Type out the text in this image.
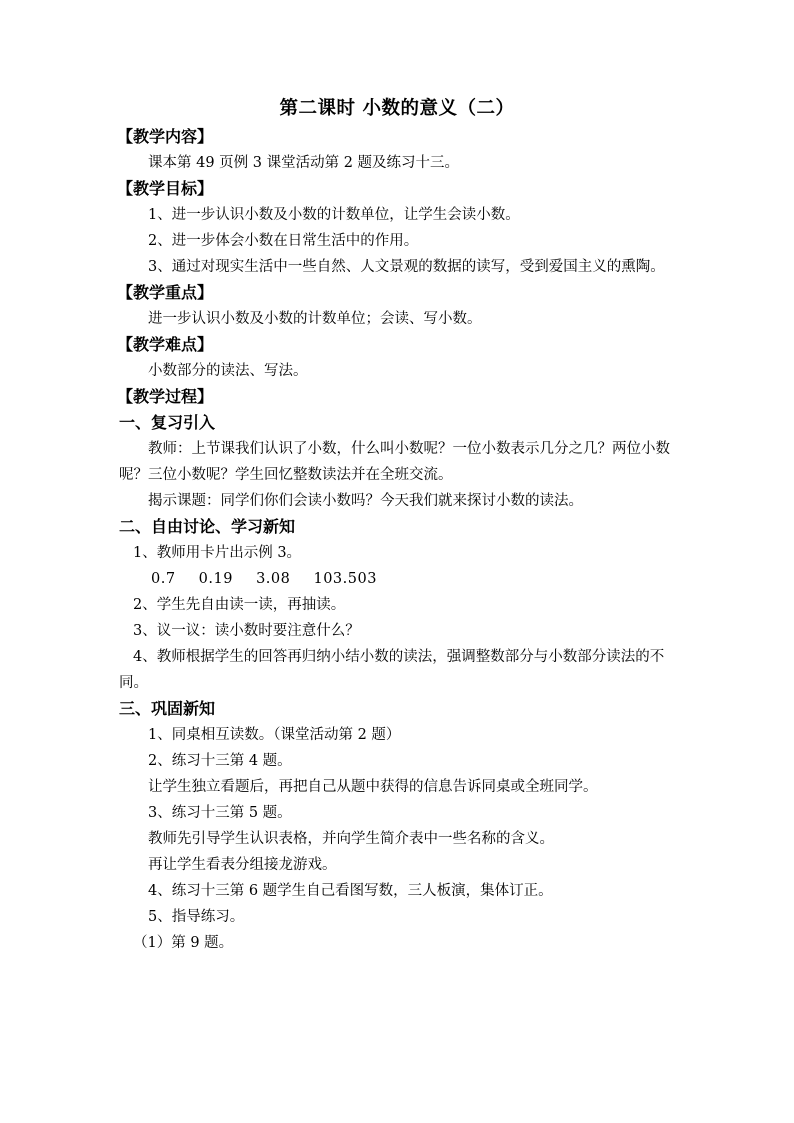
第二课时 小数的意义（二）
【教学内容】

课本第 49 页例 3 课堂活动第 2 题及练习十三。

【教学目标】

1、进一步认识小数及小数的计数单位，让学生会读小数。

2、进一步体会小数在日常生活中的作用。

3、通过对现实生活中一些自然、人文景观的数据的读写，受到爱国主义的熏陶。

【教学重点】

进一步认识小数及小数的计数单位；会读、写小数。

【教学难点】

小数部分的读法、写法。

【教学过程】
一、复习引入

教师：上节课我们认识了小数，什么叫小数呢？一位小数表示几分之几？两位小数呢？三位小数呢？学生回忆整数读法并在全班交流。

揭示课题：同学们你们会读小数吗？今天我们就来探讨小数的读法。

二、自由讨论、学习新知

1、教师用卡片出示例 3。

0.7 0.19 3.08 103.503

2、学生先自由读一读，再抽读。

3、议一议：读小数时要注意什么？

4、教师根据学生的回答再归纳小结小数的读法，强调整数部分与小数部分读法的不同。

三、巩固新知

1、同桌相互读数。（课堂活动第 2 题）

2、练习十三第 4 题。

让学生独立看题后，再把自己从题中获得的信息告诉同桌或全班同学。

3、练习十三第 5 题。

教师先引导学生认识表格，并向学生简介表中一些名称的含义。

再让学生看表分组接龙游戏。

4、练习十三第 6 题学生自己看图写数，三人板演，集体订正。

5、指导练习。

（1）第 9 题。
